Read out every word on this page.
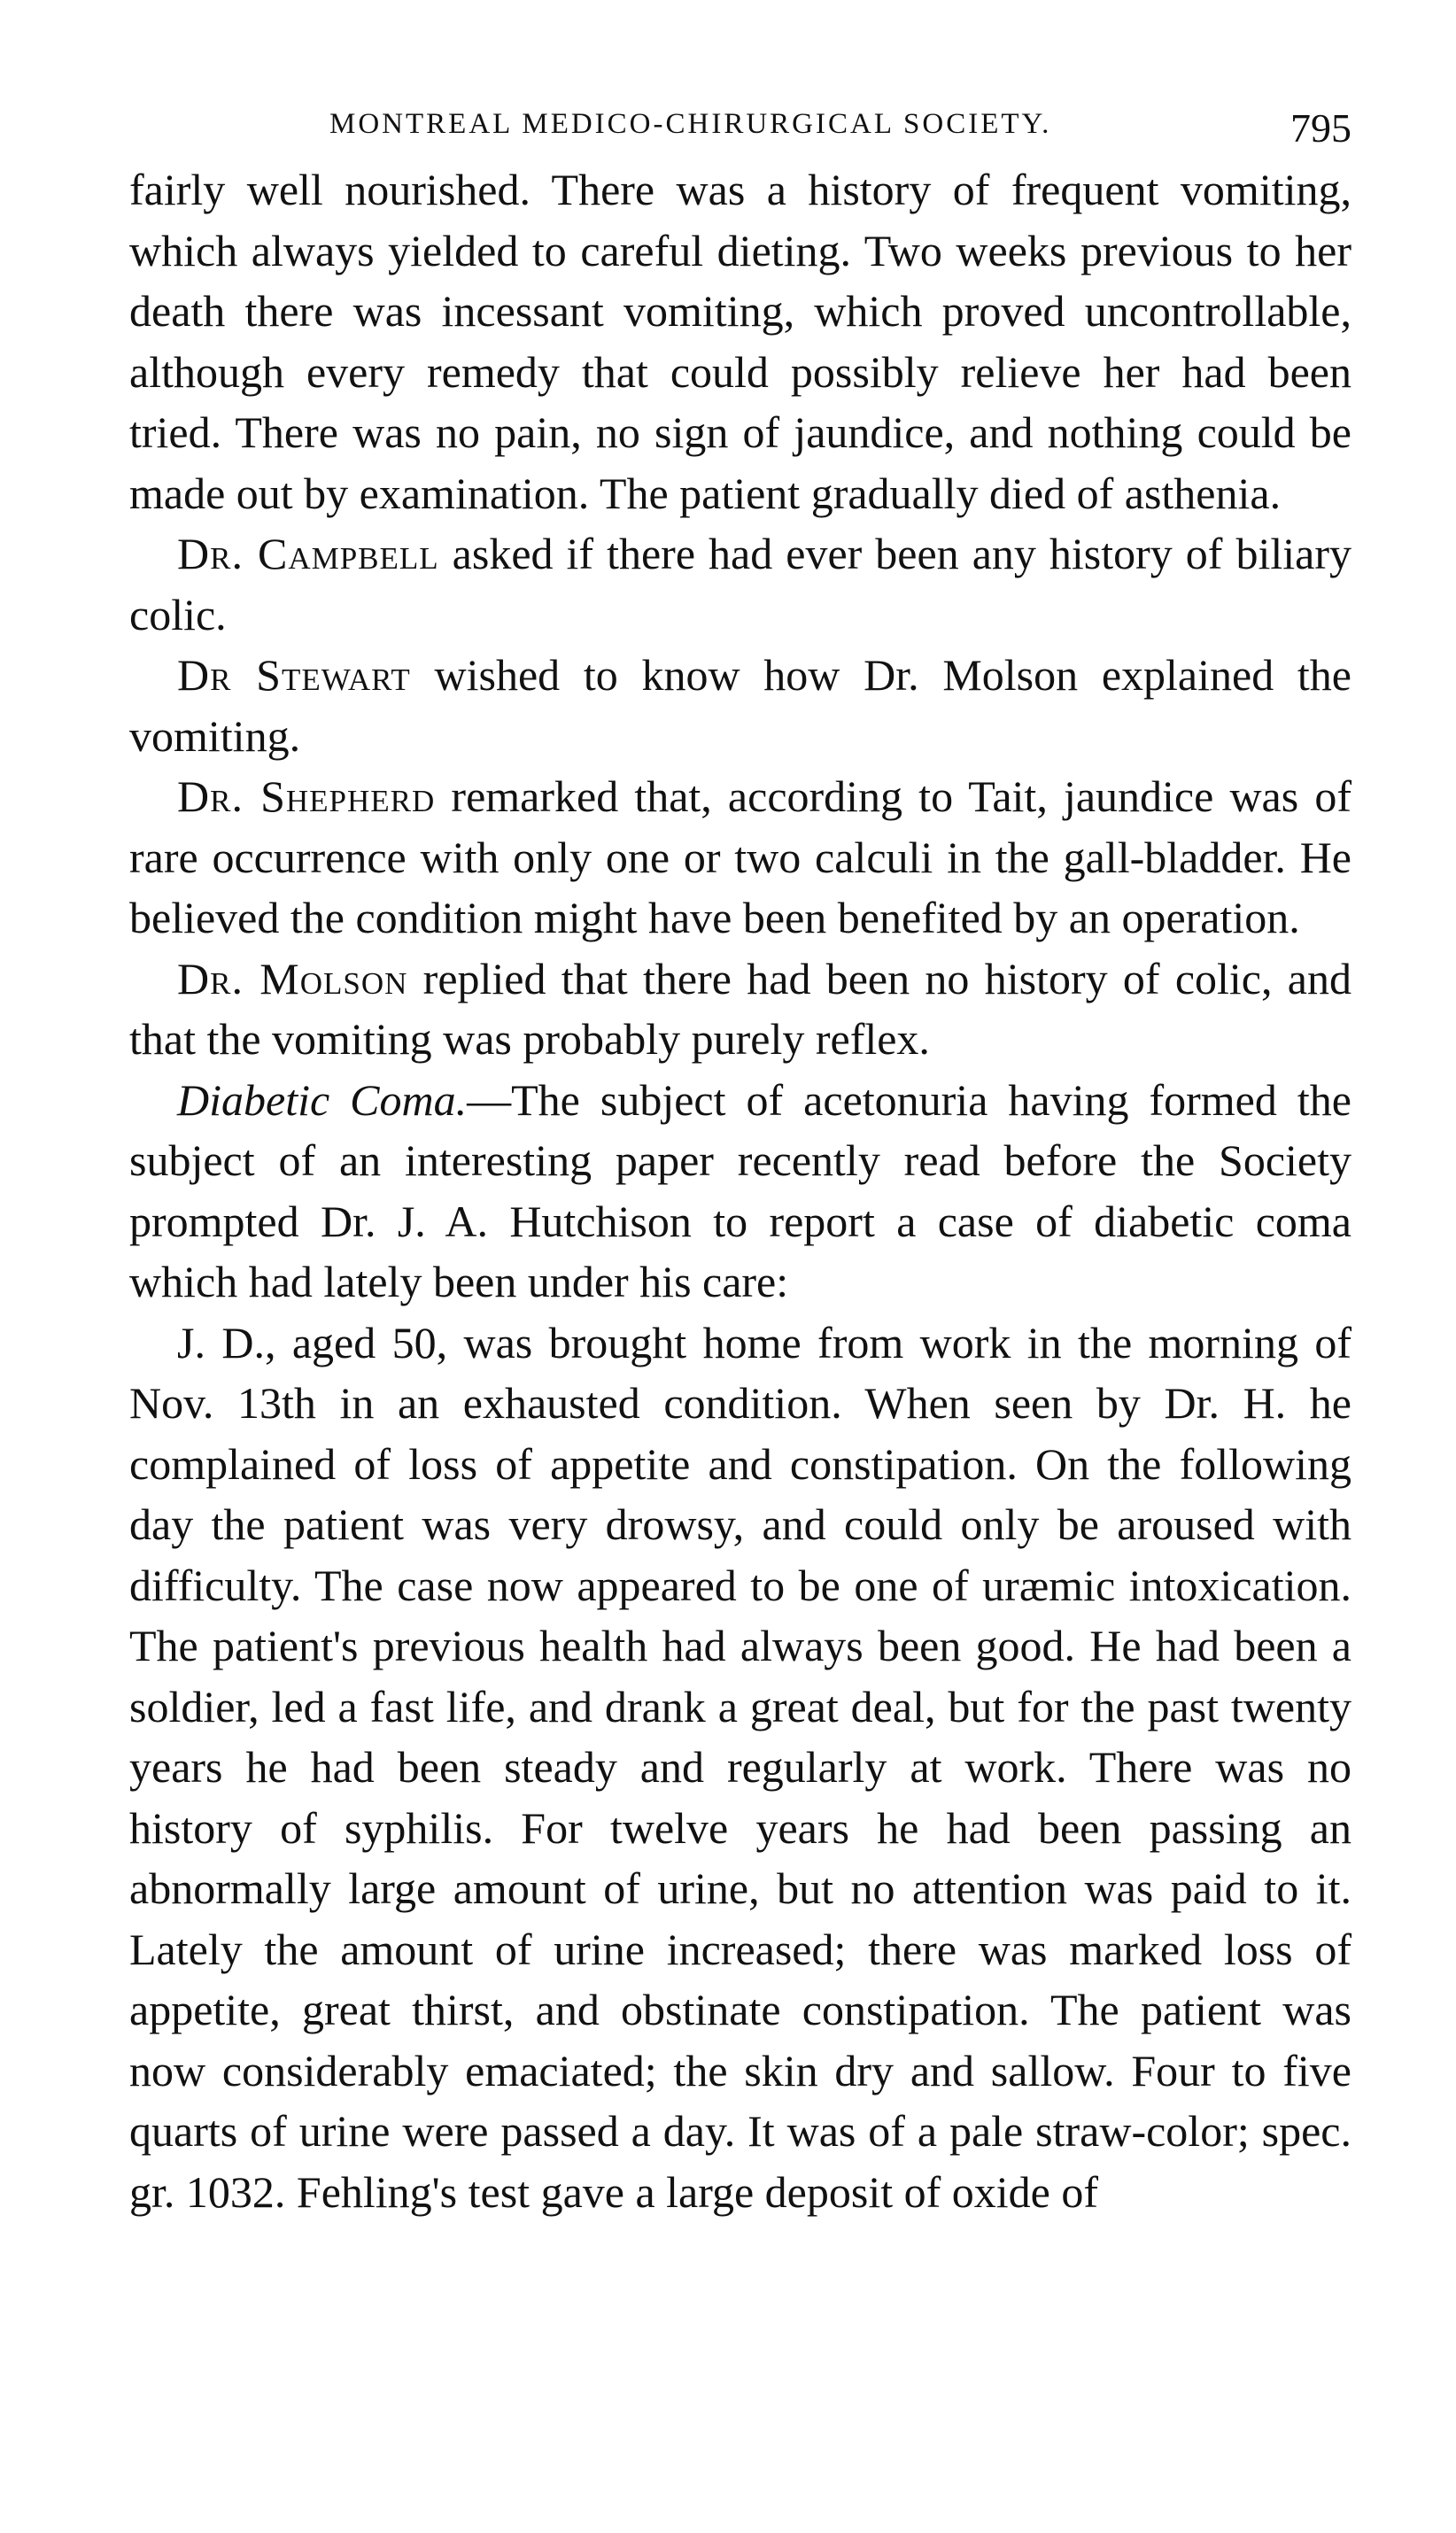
MONTREAL MEDICO-CHIRURGICAL SOCIETY.	795

fairly well nourished. There was a history of frequent vomiting, which always yielded to careful dieting. Two weeks previous to her death there was incessant vomiting, which proved uncontrollable, although every remedy that could possibly relieve her had been tried. There was no pain, no sign of jaundice, and nothing could be made out by examination. The patient gradually died of asthenia.

Dr. Campbell asked if there had ever been any history of biliary colic.

Dr Stewart wished to know how Dr. Molson explained the vomiting.

Dr. Shepherd remarked that, according to Tait, jaundice was of rare occurrence with only one or two calculi in the gall-bladder. He believed the condition might have been benefited by an operation.

Dr. Molson replied that there had been no history of colic, and that the vomiting was probably purely reflex.

Diabetic Coma.—The subject of acetonuria having formed the subject of an interesting paper recently read before the Society prompted Dr. J. A. Hutchison to report a case of diabetic coma which had lately been under his care:

J. D., aged 50, was brought home from work in the morning of Nov. 13th in an exhausted condition. When seen by Dr. H. he complained of loss of appetite and constipation. On the following day the patient was very drowsy, and could only be aroused with difficulty. The case now appeared to be one of uræmic intoxication. The patient's previous health had always been good. He had been a soldier, led a fast life, and drank a great deal, but for the past twenty years he had been steady and regularly at work. There was no history of syphilis. For twelve years he had been passing an abnormally large amount of urine, but no attention was paid to it. Lately the amount of urine increased; there was marked loss of appetite, great thirst, and obstinate constipation. The patient was now considerably emaciated; the skin dry and sallow. Four to five quarts of urine were passed a day. It was of a pale straw-color; spec. gr. 1032. Fehling's test gave a large deposit of oxide of
